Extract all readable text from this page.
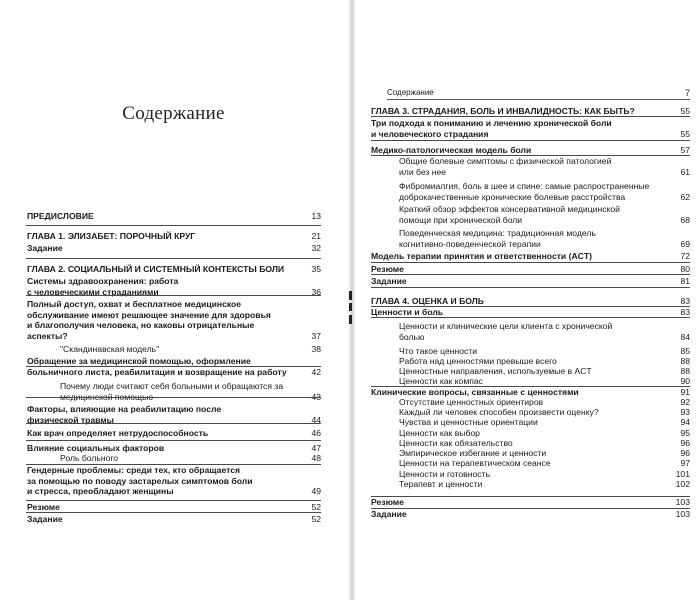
Содержание
Содержание	7
ПРЕДИСЛОВИЕ	13
ГЛАВА 1. ЭЛИЗАБЕТ: ПОРОЧНЫЙ КРУГ	21
Задание	32
ГЛАВА 2. СОЦИАЛЬНЫЙ И СИСТЕМНЫЙ КОНТЕКСТЫ БОЛИ	35
Системы здравоохранения: работа
с человеческими страданиями	36
Полный доступ, охват и бесплатное медицинское
обслуживание имеют решающее значение для здоровья
и благополучия человека, но каковы отрицательные
аспекты?	37
"Скандинавская модель"	38
Обращение за медицинской помощью, оформление
больничного листа, реабилитация и возвращение на работу	42
Почему люди считают себя больными и обращаются за
медицинской помощью	43
Факторы, влияющие на реабилитацию после
физической травмы	44
Как врач определяет нетрудоспособность	46
Влияние социальных факторов	47
Роль больного	48
Гендерные проблемы: среди тех, кто обращается
за помощью по поводу застарелых симптомов боли
и стресса, преобладают женщины	49
Резюме	52
Задание	52
ГЛАВА 3. СТРАДАНИЯ, БОЛЬ И ИНВАЛИДНОСТЬ: КАК БЫТЬ?	55
Три подхода к пониманию и лечению хронической боли
и человеческого страдания	55
Медико-патологическая модель боли	57
Общие болевые симптомы с физической патологией
или без нее	61
Фибромиалгия, боль в шее и спине: самые распространенные
доброкачественные хронические болевые расстройства	62
Краткий обзор эффектов консервативной медицинской
помощи при хронической боли	68
Поведенческая медицина: традиционная модель
когнитивно-поведенческой терапии	69
Модель терапии принятия и ответственности (ACT)	72
Резюме	80
Задание	81
ГЛАВА 4. ОЦЕНКА И БОЛЬ	83
Ценности и боль	83
Ценности и клинические цели клиента с хронической
болью	84
Что такое ценности	85
Работа над ценностями превыше всего	88
Ценностные направления, используемые в ACT	88
Ценности как компас	90
Клинические вопросы, связанные с ценностями	91
Отсутствие ценностных ориентиров	92
Каждый ли человек способен произвести оценку?	93
Чувства и ценностные ориентации	94
Ценности как выбор	95
Ценности как обязательство	96
Эмпирическое избегание и ценности	96
Ценности на терапевтическом сеансе	97
Ценности и готовность	101
Терапевт и ценности	102
Резюме	103
Задание	103
